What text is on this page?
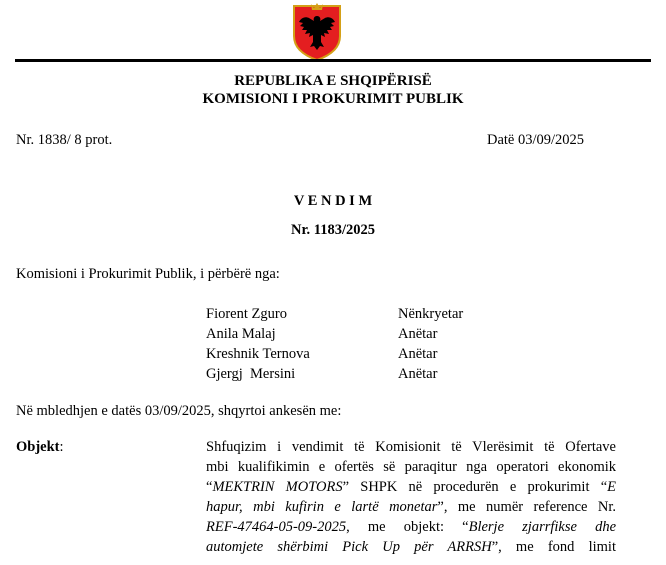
REPUBLIKA E SHQIPËRISË
KOMISIONI I PROKURIMIT PUBLIK
Nr. 1838/ 8 prot.	Datë 03/09/2025
V E N D I M
Nr. 1183/2025
Komisioni i Prokurimit Publik, i përbërë nga:
Fiorent Zguro	Nënkryetar
Anila Malaj	Anëtar
Kreshnik Ternova	Anëtar
Gjergj  Mersini	Anëtar
Në mbledhjen e datës 03/09/2025, shqyrtoi ankesën me:
Objekt:	Shfuqizim i vendimit të Komisionit të Vlerësimit të Ofertave
mbi kualifikimin e ofertës së paraqitur nga operatori ekonomik
“MEKTRIN MOTORS” SHPK në procedurën e prokurimit “E
hapur, mbi kufirin e lartë monetar”, me numër reference Nr.
REF-47464-05-09-2025, me objekt: “Blerje zjarrfikse dhe
automjete shërbimi Pick Up për ARRSH”, me fond limit
